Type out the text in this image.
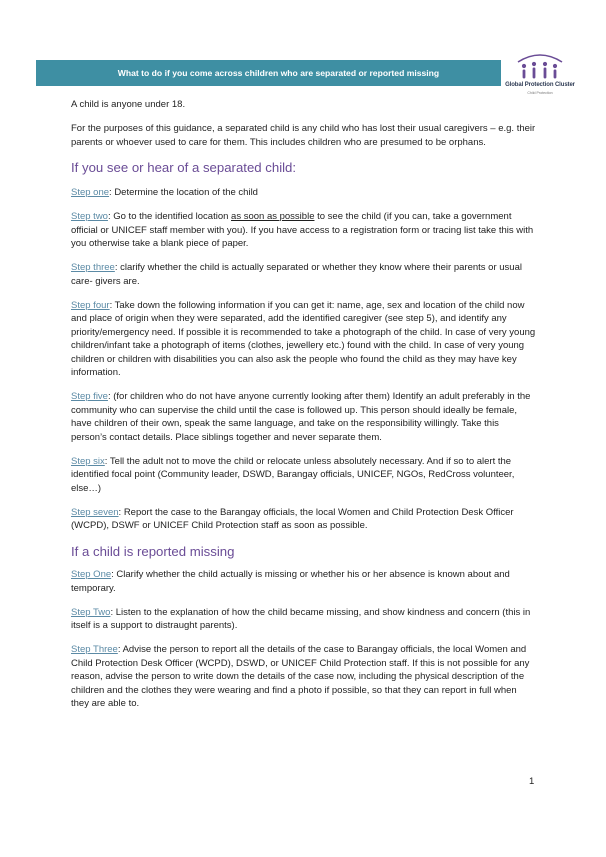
What to do if you come across children who are separated or reported missing
Global Protection Cluster
Child Protection

A child is anyone under 18.

For the purposes of this guidance, a separated child is any child who has lost their usual caregivers – e.g. their parents or whoever used to care for them. This includes children who are presumed to be orphans.

If you see or hear of a separated child:

Step one: Determine the location of the child

Step two: Go to the identified location as soon as possible to see the child (if you can, take a government official or UNICEF staff member with you). If you have access to a registration form or tracing list take this with you otherwise take a blank piece of paper.

Step three: clarify whether the child is actually separated or whether they know where their parents or usual care- givers are.

Step four: Take down the following information if you can get it: name, age, sex and location of the child now and place of origin when they were separated, add the identified caregiver (see step 5), and identify any priority/emergency need. If possible it is recommended to take a photograph of the child. In case of very young children/infant take a photograph of items (clothes, jewellery etc.) found with the child. In case of very young children or children with disabilities you can also ask the people who found the child as they may have key information.

Step five: (for children who do not have anyone currently looking after them) Identify an adult preferably in the community who can supervise the child until the case is followed up. This person should ideally be female, have children of their own, speak the same language, and take on the responsibility willingly. Take this person’s contact details. Place siblings together and never separate them.

Step six: Tell the adult not to move the child or relocate unless absolutely necessary. And if so to alert the identified focal point (Community leader, DSWD, Barangay officials, UNICEF, NGOs, RedCross volunteer, else…)

Step seven: Report the case to the Barangay officials, the local Women and Child Protection Desk Officer (WCPD), DSWF or UNICEF Child Protection staff as soon as possible.

If a child is reported missing

Step One: Clarify whether the child actually is missing or whether his or her absence is known about and temporary.

Step Two: Listen to the explanation of how the child became missing, and show kindness and concern (this in itself is a support to distraught parents).

Step Three: Advise the person to report all the details of the case to Barangay officials, the local Women and Child Protection Desk Officer (WCPD), DSWD, or UNICEF Child Protection staff. If this is not possible for any reason, advise the person to write down the details of the case now, including the physical description of the children and the clothes they were wearing and find a photo if possible, so that they can report in full when they are able to.

1
